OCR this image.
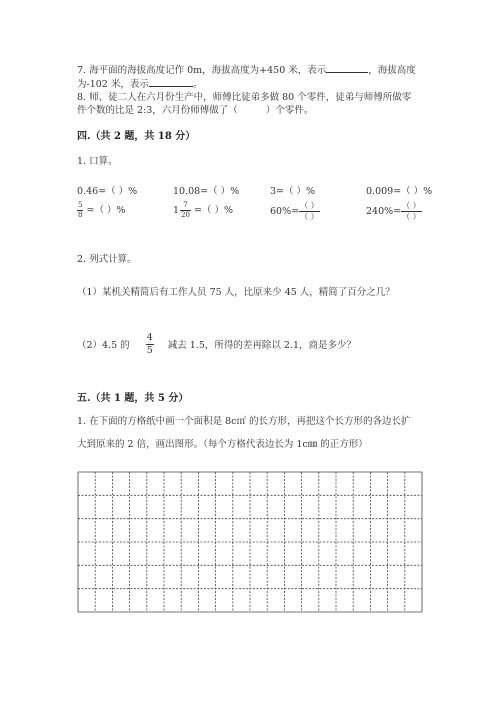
7. 海平面的海拔高度记作 0m，海拔高度为+450 米，表示	，海拔高度
为-102 米，表示	。
8. 师、徒二人在六月份生产中，师傅比徒弟多做 80 个零件，徒弟与师傅所做零
件个数的比是 2:3，六月份师傅做了（	）个零件。
四.（共 2 题，共 18 分）
1. 口算。
0.46=（ ）%	10.08=（ ）%	3=（ ）%	0.009=（ ）%
$\frac{5}{8}$ =（ ）%	$1 \frac{7}{20}$ =（ ）%	$60\%= \frac{( )}{( )}$	$240\%= \frac{( )}{( )}$
2. 列式计算。
（1）某机关精简后有工作人员 75 人，比原来少 45 人，精简了百分之几？
（2）4.5 的 $\frac{4}{5}$ 减去 1.5，所得的差再除以 2.1，商是多少？
五.（共 1 题，共 5 分）
1. 在下面的方格纸中画一个面积是 8c㎡ 的长方形，再把这个长方形的各边长扩
大到原来的 2 倍，画出图形。（每个方格代表边长为 1c㎜ 的正方形）
